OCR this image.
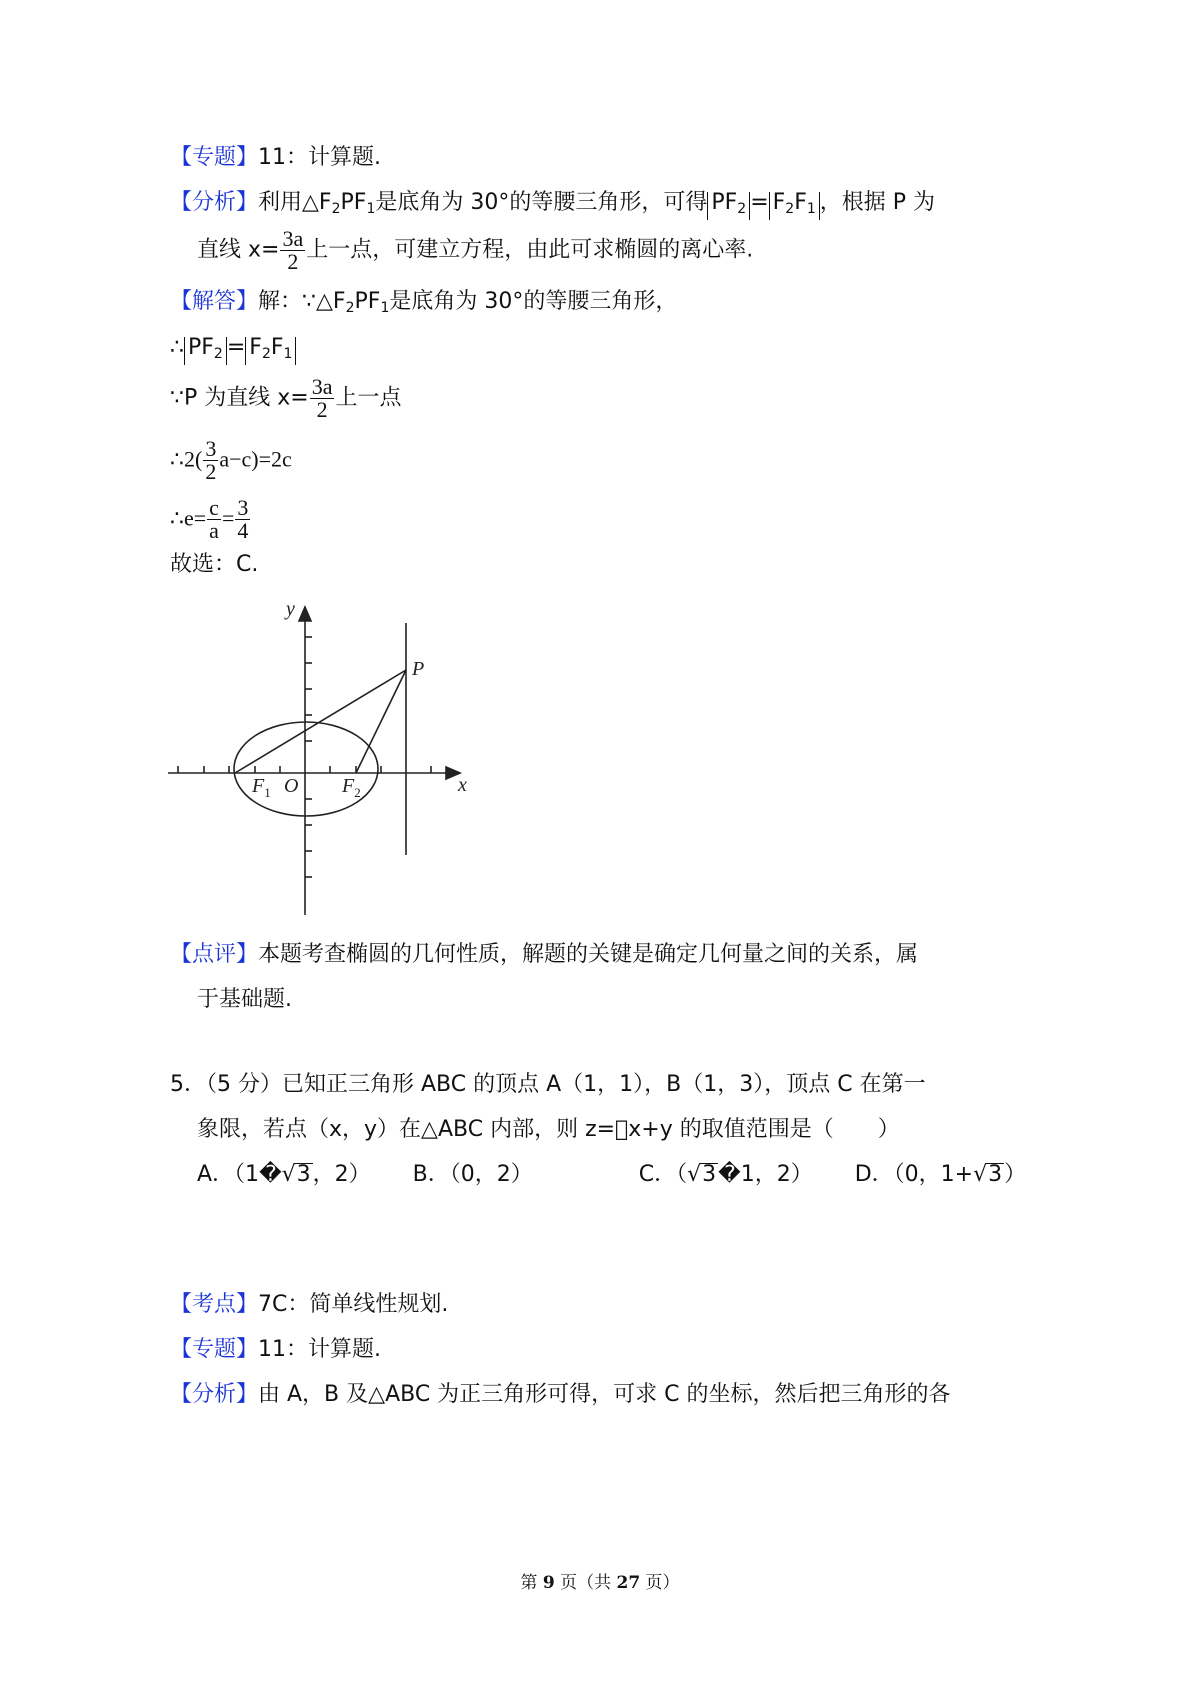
【专题】11：计算题.
【分析】利用$\triangle F_2PF_1$是底角为 30°的等腰三角形，可得 $PF_2 = F_2F_1$ ，根据 P 为
直线 $x= \frac{3a}{2}$ 上一点，可建立方程，由此可求椭圆的离心率.
【解答】解：$\because\triangle F_2PF_1$是底角为 30°的等腰三角形，
∴ $PF_2 = F_2F_1$
∵P 为直线 $x= \frac{3a}{2}$ 上一点
∴2( $\frac{3}{2} a-c)=2c$
∴e= $\frac{c}{a} = \frac{3}{4}$
故选：C.
y
x
P
O
$F_1$	$F_2$
【点评】本题考查椭圆的几何性质，解题的关键是确定几何量之间的关系，属
于基础题.
5．（5 分）已知正三角形 ABC 的顶点 A（1，1），B（1，3），顶点 C 在第一
象限，若点（x，y）在△ABC 内部，则 z= x+y 的取值范围是（　　）
A．（1�√3，2） B．（0，2）	C．（√3�1，2） D．（0，1+√3）
【考点】7C：简单线性规划.
【专题】11：计算题.
【分析】由 A，B 及△ABC 为正三角形可得，可求 C 的坐标，然后把三角形的各
第 9 页（共 27 页）
